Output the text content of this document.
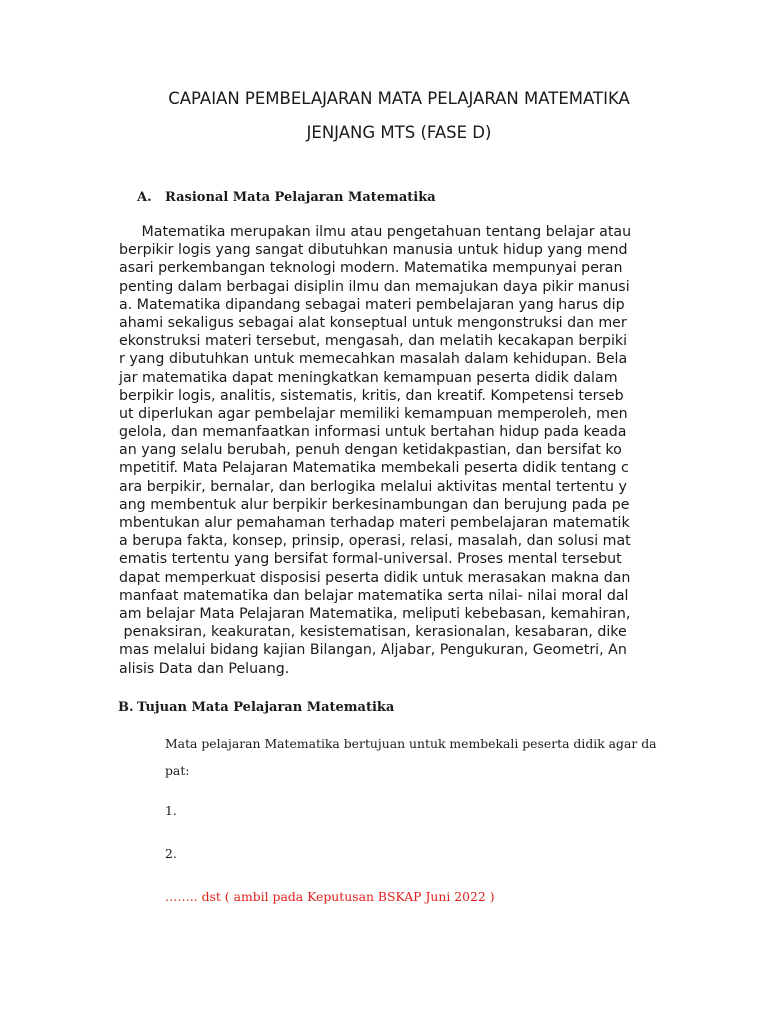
CAPAIAN PEMBELAJARAN MATA PELAJARAN MATEMATIKA
JENJANG MTS (FASE D)
A. Rasional Mata Pelajaran Matematika
Matematika merupakan ilmu atau pengetahuan tentang belajar atau
berpikir logis yang sangat dibutuhkan manusia untuk hidup yang mend
asari perkembangan teknologi modern. Matematika mempunyai peran
penting dalam berbagai disiplin ilmu dan memajukan daya pikir manusi
a. Matematika dipandang sebagai materi pembelajaran yang harus dip
ahami sekaligus sebagai alat konseptual untuk mengonstruksi dan mer
ekonstruksi materi tersebut, mengasah, dan melatih kecakapan berpiki
r yang dibutuhkan untuk memecahkan masalah dalam kehidupan. Bela
jar matematika dapat meningkatkan kemampuan peserta didik dalam
berpikir logis, analitis, sistematis, kritis, dan kreatif. Kompetensi terseb
ut diperlukan agar pembelajar memiliki kemampuan memperoleh, men
gelola, dan memanfaatkan informasi untuk bertahan hidup pada keada
an yang selalu berubah, penuh dengan ketidakpastian, dan bersifat ko
mpetitif. Mata Pelajaran Matematika membekali peserta didik tentang c
ara berpikir, bernalar, dan berlogika melalui aktivitas mental tertentu y
ang membentuk alur berpikir berkesinambungan dan berujung pada pe
mbentukan alur pemahaman terhadap materi pembelajaran matematik
a berupa fakta, konsep, prinsip, operasi, relasi, masalah, dan solusi mat
ematis tertentu yang bersifat formal-universal. Proses mental tersebut
dapat memperkuat disposisi peserta didik untuk merasakan makna dan
manfaat matematika dan belajar matematika serta nilai- nilai moral dal
am belajar Mata Pelajaran Matematika, meliputi kebebasan, kemahiran,
penaksiran, keakuratan, kesistematisan, kerasionalan, kesabaran, dike
mas melalui bidang kajian Bilangan, Aljabar, Pengukuran, Geometri, An
alisis Data dan Peluang.
B. Tujuan Mata Pelajaran Matematika
Mata pelajaran Matematika bertujuan untuk membekali peserta didik agar da
pat:
1.
2.
…….. dst ( ambil pada Keputusan BSKAP Juni 2022 )
